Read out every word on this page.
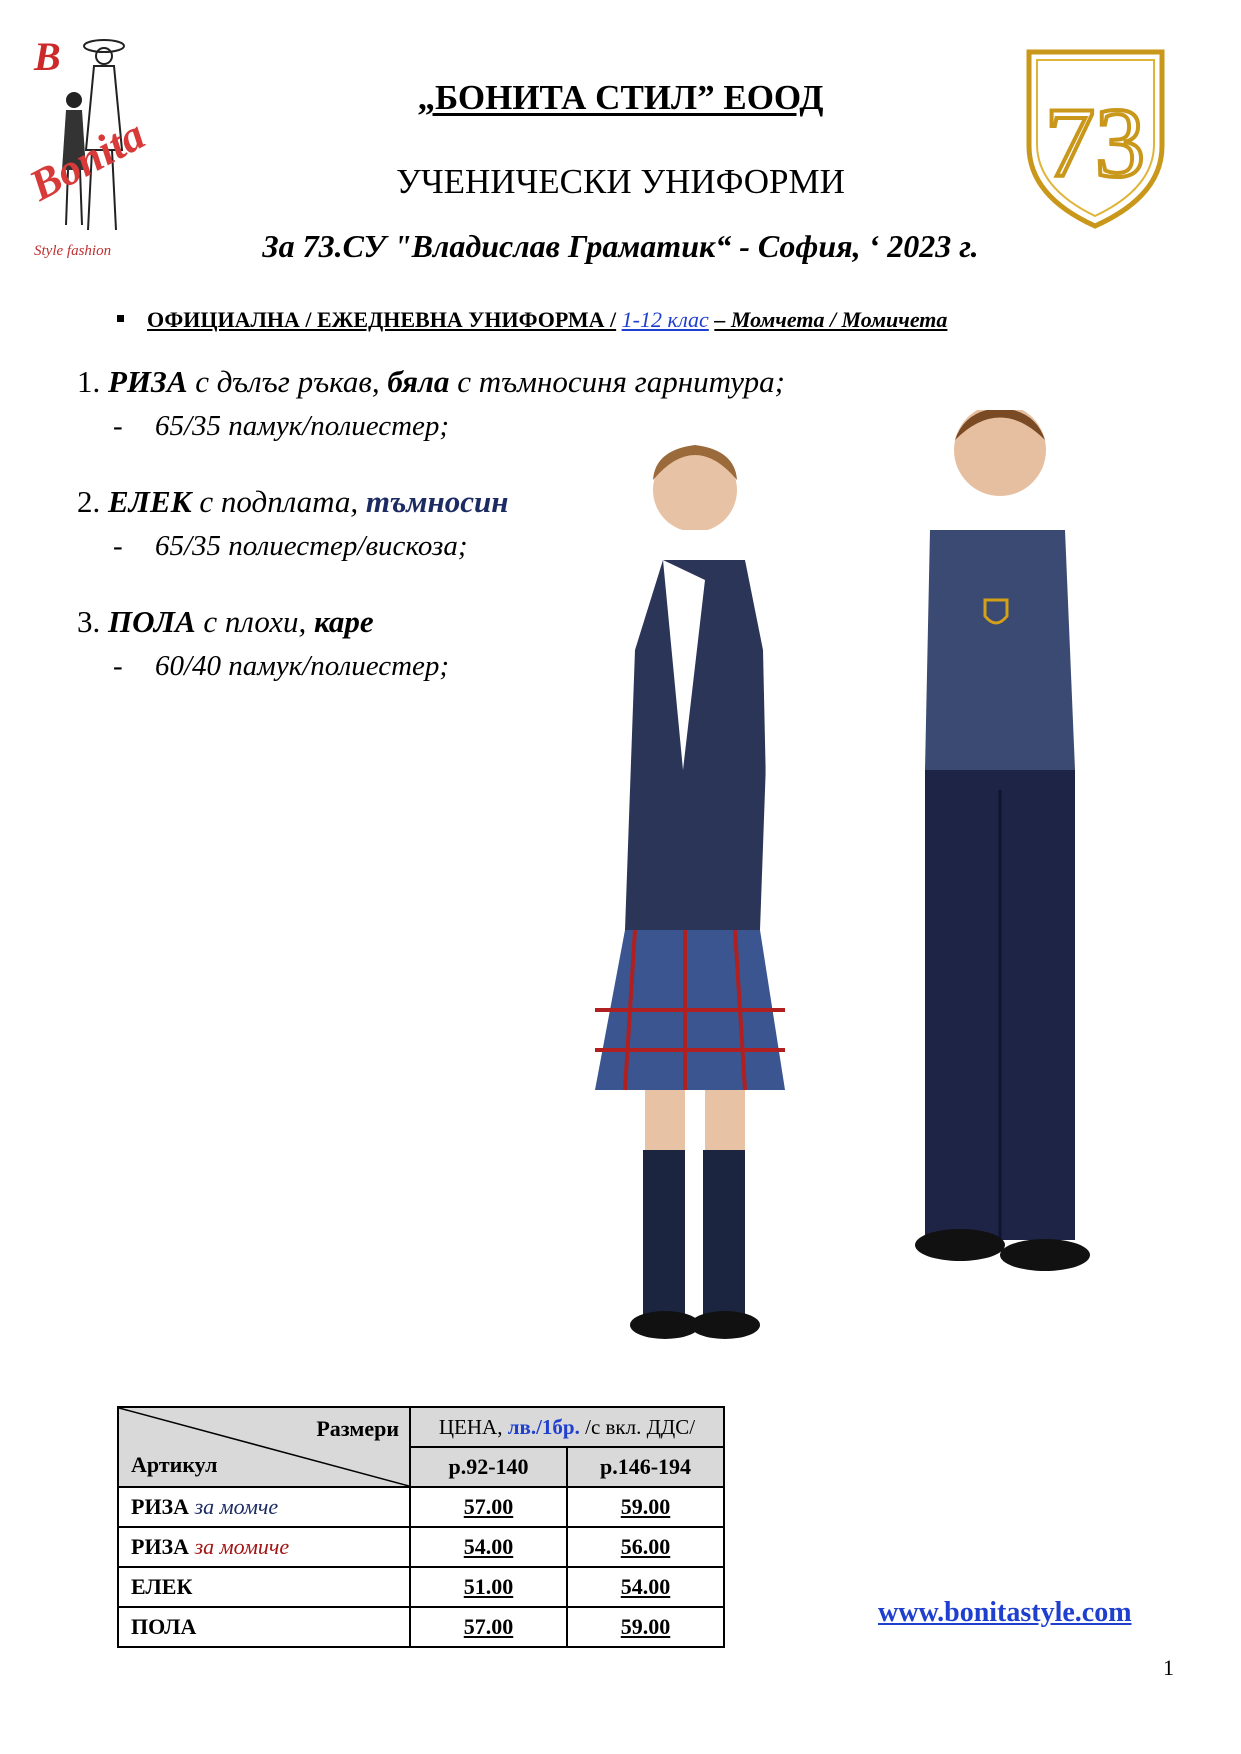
B
Bonita
Style fashion
73
„БОНИТА СТИЛ” ЕООД
УЧЕНИЧЕСКИ УНИФОРМИ
За 73.СУ "Владислав Граматик“ - София, ‘ 2023 г.
ОФИЦИАЛНА / ЕЖЕДНЕВНА УНИФОРМА / 1-12 клас – Момчета / Момичета
1. РИЗА с дълъг ръкав, бяла с тъмносиня гарнитура;
- 65/35 памук/полиестер;
2. ЕЛЕК с подплата, тъмносин
- 65/35 полиестер/вискоза;
3. ПОЛА с плохи, каре
- 60/40 памук/полиестер;
Размери
Артикул	ЦЕНА, лв./1бр. /с вкл. ДДС/	
	р.92-140	р.146-194
РИЗА за момче	57.00	59.00
РИЗА за момиче	54.00	56.00
ЕЛЕК	51.00	54.00
ПОЛА	57.00	59.00	www.bonitastyle.com
1
